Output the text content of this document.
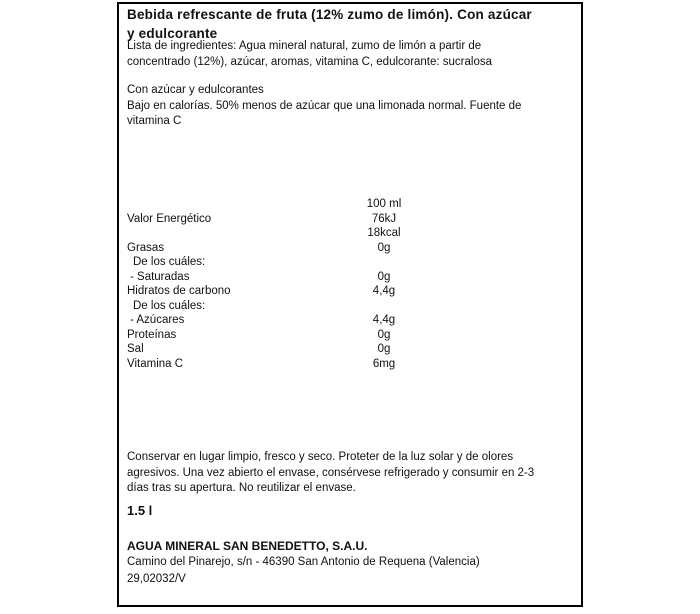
Bebida refrescante de fruta (12% zumo de limón). Con azúcar
y edulcorante
Lista de ingredientes: Agua mineral natural, zumo de limón a partir de
concentrado (12%), azúcar, aromas, vitamina C, edulcorante: sucralosa
Con azúcar y edulcorantes
Bajo en calorías. 50% menos de azúcar que una limonada normal. Fuente de
vitamina C
100 ml
Valor Energético	76kJ
18kcal
Grasas	0g
De los cuáles:
- Saturadas	0g
Hidratos de carbono	4,4g
De los cuáles:
- Azúcares	4,4g
Proteínas	0g
Sal	0g
Vitamina C	6mg
Conservar en lugar limpio, fresco y seco. Proteter de la luz solar y de olores
agresivos. Una vez abierto el envase, consérvese refrigerado y consumir en 2-3
días tras su apertura. No reutilizar el envase.
1.5 l
AGUA MINERAL SAN BENEDETTO, S.A.U.
Camino del Pinarejo, s/n - 46390 San Antonio de Requena (Valencia)
29,02032/V
